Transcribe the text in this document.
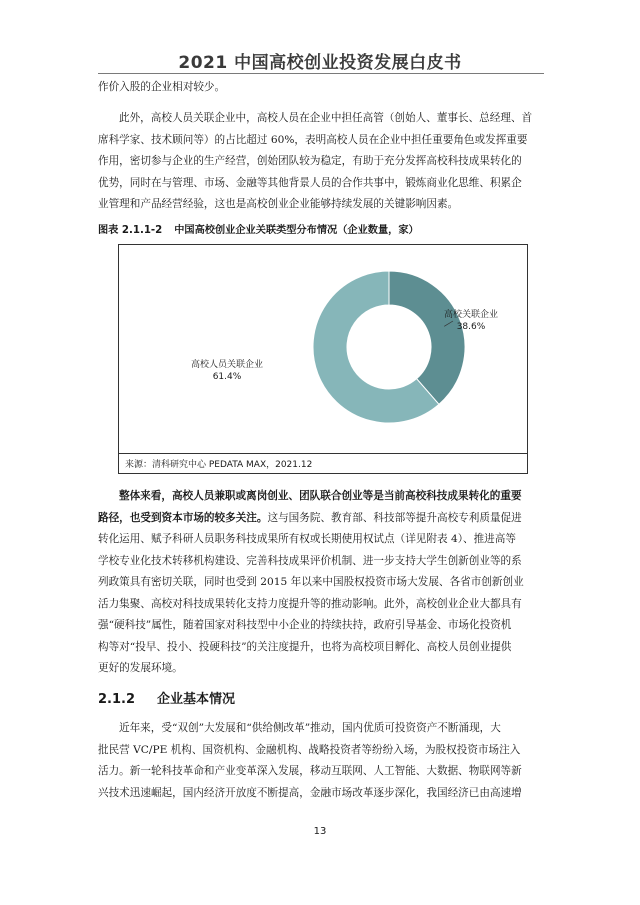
2021 中国高校创业投资发展白皮书
作价入股的企业相对较少。
此外，高校人员关联企业中，高校人员在企业中担任高管（创始人、董事长、总经理、首
席科学家、技术顾问等）的占比超过 60%，表明高校人员在企业中担任重要角色或发挥重要
作用，密切参与企业的生产经营，创始团队较为稳定，有助于充分发挥高校科技成果转化的
优势，同时在与管理、市场、金融等其他背景人员的合作共事中，锻炼商业化思维、积累企
业管理和产品经营经验，这也是高校创业企业能够持续发展的关键影响因素。
图表 2.1.1-2 中国高校创业企业关联类型分布情况（企业数量，家）
高校关联企业
38.6%
高校人员关联企业
61.4%
来源：清科研究中心 PEDATA MAX，2021.12
整体来看，高校人员兼职或离岗创业、团队联合创业等是当前高校科技成果转化的重要
路径，也受到资本市场的较多关注。这与国务院、教育部、科技部等提升高校专利质量促进
转化运用、赋予科研人员职务科技成果所有权或长期使用权试点（详见附表 4）、推进高等
学校专业化技术转移机构建设、完善科技成果评价机制、进一步支持大学生创新创业等的系
列政策具有密切关联，同时也受到 2015 年以来中国股权投资市场大发展、各省市创新创业
活力集聚、高校对科技成果转化支持力度提升等的推动影响。此外，高校创业企业大都具有
强“硬科技”属性，随着国家对科技型中小企业的持续扶持，政府引导基金、市场化投资机
构等对“投早、投小、投硬科技”的关注度提升，也将为高校项目孵化、高校人员创业提供
更好的发展环境。
2.1.2 企业基本情况
近年来，受“双创”大发展和“供给侧改革”推动，国内优质可投资资产不断涌现，大
批民营 VC/PE 机构、国资机构、金融机构、战略投资者等纷纷入场，为股权投资市场注入
活力。新一轮科技革命和产业变革深入发展，移动互联网、人工智能、大数据、物联网等新
兴技术迅速崛起，国内经济开放度不断提高，金融市场改革逐步深化，我国经济已由高速增
13
